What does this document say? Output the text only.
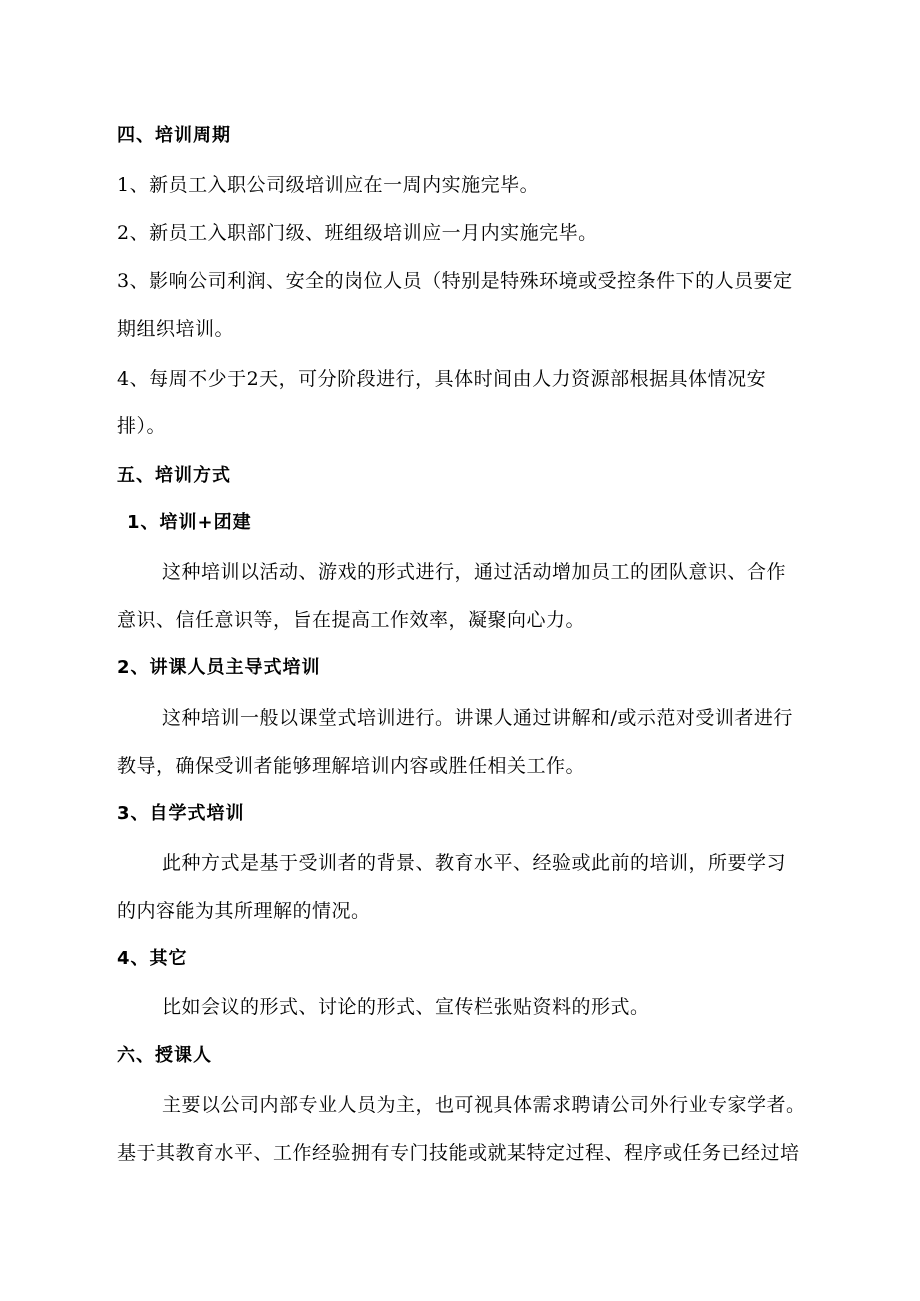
四、培训周期
1、新员工入职公司级培训应在一周内实施完毕。
2、新员工入职部门级、班组级培训应一月内实施完毕。
3、影响公司利润、安全的岗位人员（特别是特殊环境或受控条件下的人员要定
期组织培训。
4、每周不少于2天，可分阶段进行，具体时间由人力资源部根据具体情况安
排）。
五、培训方式
1、培训+团建
这种培训以活动、游戏的形式进行，通过活动增加员工的团队意识、合作
意识、信任意识等，旨在提高工作效率，凝聚向心力。
2、讲课人员主导式培训
这种培训一般以课堂式培训进行。讲课人通过讲解和/或示范对受训者进行
教导，确保受训者能够理解培训内容或胜任相关工作。
3、自学式培训
此种方式是基于受训者的背景、教育水平、经验或此前的培训，所要学习
的内容能为其所理解的情况。
4、其它
比如会议的形式、讨论的形式、宣传栏张贴资料的形式。
六、授课人
主要以公司内部专业人员为主，也可视具体需求聘请公司外行业专家学者。
基于其教育水平、工作经验拥有专门技能或就某特定过程、程序或任务已经过培
